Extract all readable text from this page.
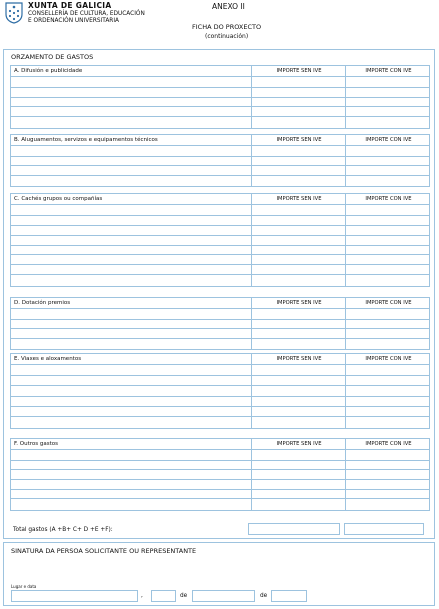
XUNTA DE GALICIA
CONSELLERÍA DE CULTURA, EDUCACIÓN
E ORDENACIÓN UNIVERSITARIA
ANEXO II
FICHA DO PROXECTO
(continuación)
ORZAMENTO DE GASTOS
A. Difusión e publicidade	IMPORTE SEN IVE	IMPORTE CON IVE
B. Aluguamentos, servizos e equipamentos técnicos	IMPORTE SEN IVE	IMPORTE CON IVE
C. Cachés grupos ou compañías	IMPORTE SEN IVE	IMPORTE CON IVE
D. Dotación premios	IMPORTE SEN IVE	IMPORTE CON IVE
E. Viaxes e aloxamentos	IMPORTE SEN IVE	IMPORTE CON IVE
F. Outros gastos	IMPORTE SEN IVE	IMPORTE CON IVE
Total gastos (A +B+ C+ D +E +F):
SINATURA DA PERSOA SOLICITANTE OU REPRESENTANTE
Lugar e data
,	de	de
